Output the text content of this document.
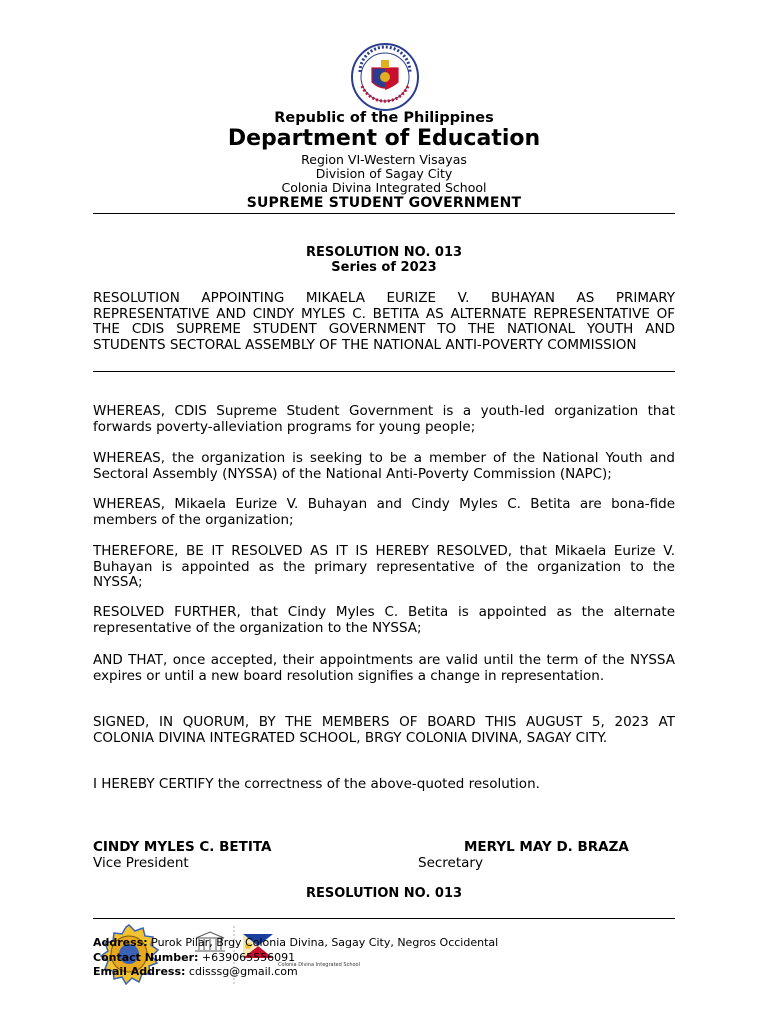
Republic of the Philippines
Department of Education
Region VI-Western Visayas
Division of Sagay City
Colonia Divina Integrated School
SUPREME STUDENT GOVERNMENT
RESOLUTION NO. 013
Series of 2023
RESOLUTION APPOINTING MIKAELA EURIZE V. BUHAYAN AS PRIMARY REPRESENTATIVE AND CINDY MYLES C. BETITA AS ALTERNATE REPRESENTATIVE OF THE CDIS SUPREME STUDENT GOVERNMENT TO THE NATIONAL YOUTH AND STUDENTS SECTORAL ASSEMBLY OF THE NATIONAL ANTI-POVERTY COMMISSION
WHEREAS, CDIS Supreme Student Government is a youth-led organization that forwards poverty-alleviation programs for young people;
WHEREAS, the organization is seeking to be a member of the National Youth and Sectoral Assembly (NYSSA) of the National Anti-Poverty Commission (NAPC);
WHEREAS, Mikaela Eurize V. Buhayan and Cindy Myles C. Betita are bona-fide members of the organization;
THEREFORE, BE IT RESOLVED AS IT IS HEREBY RESOLVED, that Mikaela Eurize V. Buhayan is appointed as the primary representative of the organization to the NYSSA;
RESOLVED FURTHER, that Cindy Myles C. Betita is appointed as the alternate representative of the organization to the NYSSA;
AND THAT, once accepted, their appointments are valid until the term of the NYSSA expires or until a new board resolution signifies a change in representation.
SIGNED, IN QUORUM, BY THE MEMBERS OF BOARD THIS AUGUST 5, 2023 AT COLONIA DIVINA INTEGRATED SCHOOL, BRGY COLONIA DIVINA, SAGAY CITY.
I HEREBY CERTIFY the correctness of the above-quoted resolution.
CINDY MYLES C. BETITA
Vice President
MERYL MAY D. BRAZA
Secretary
RESOLUTION NO. 013
Colonia Divina Integrated School
Address: Purok Pilar, Brgy Colonia Divina, Sagay City, Negros Occidental
Contact Number: +639065556091
Email Address: cdisssg@gmail.com
